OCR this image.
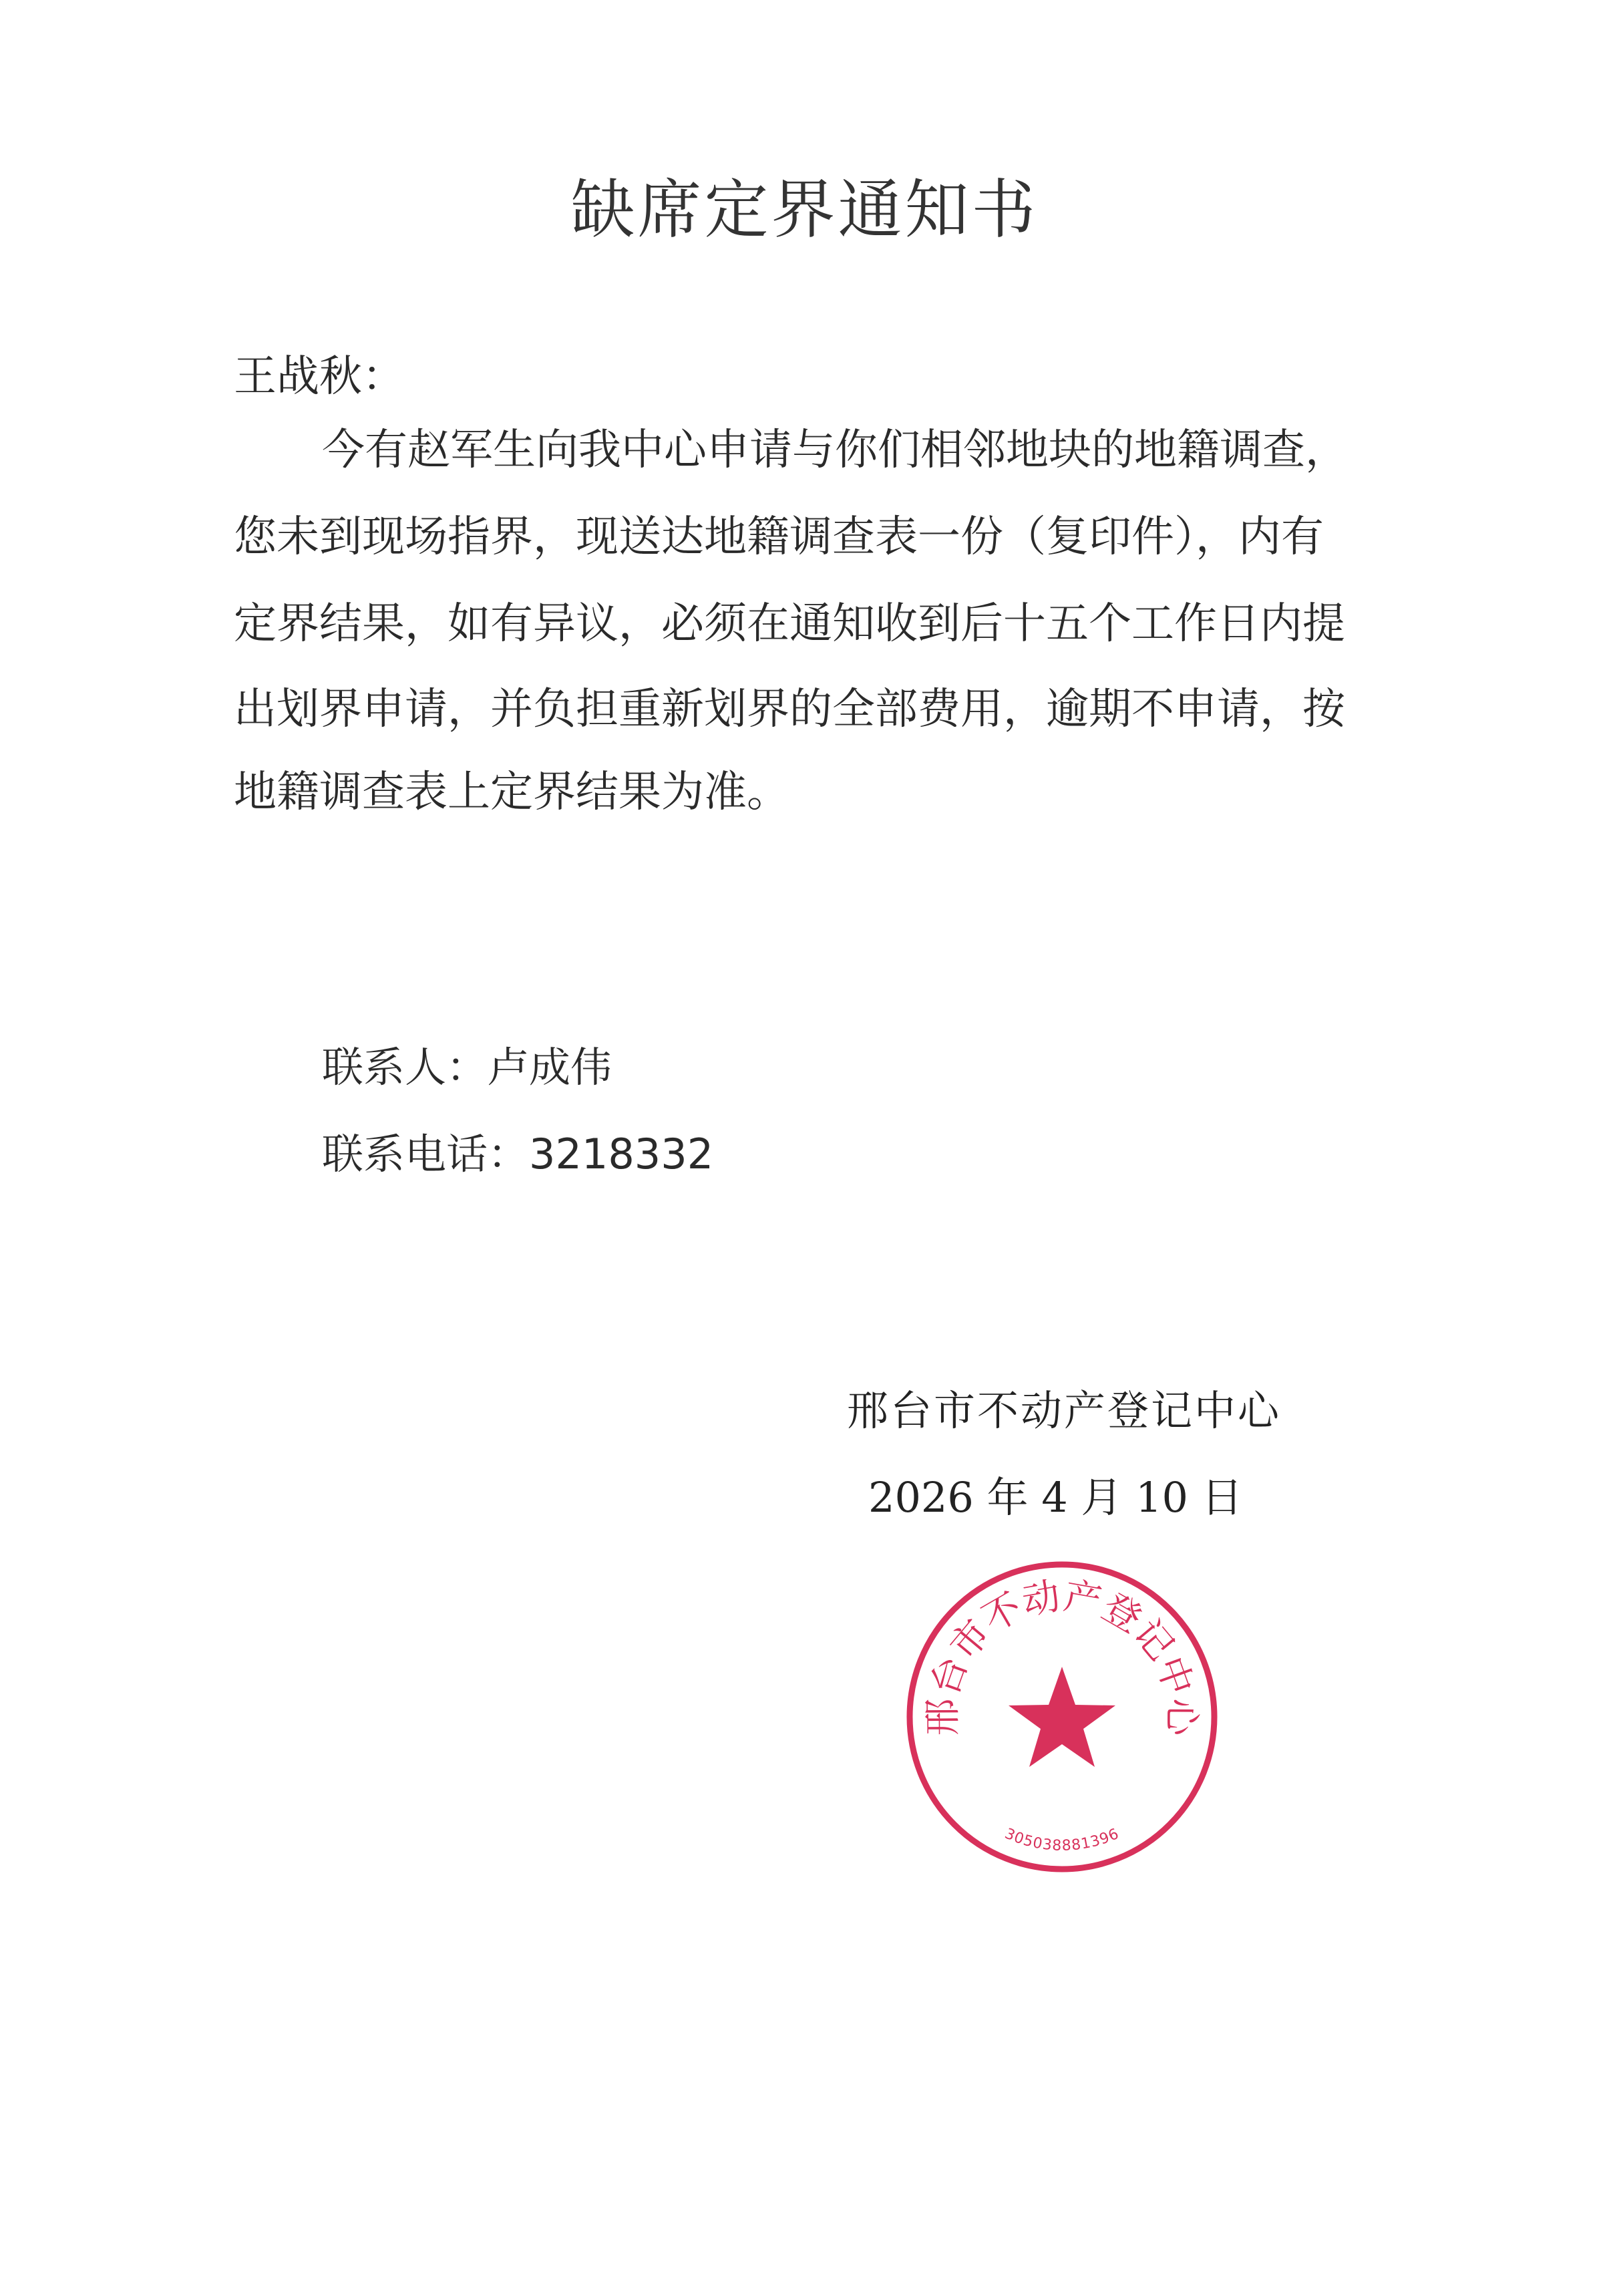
缺席定界通知书
王战秋：
今有赵军生向我中心申请与你们相邻地块的地籍调查，
您未到现场指界，现送达地籍调查表一份（复印件），内有
定界结果，如有异议，必须在通知收到后十五个工作日内提
出划界申请，并负担重新划界的全部费用，逾期不申请，按
地籍调查表上定界结果为准。
联系人：卢成伟
联系电话：3218332
邢台市不动产登记中心
2026 年 4 月 10 日
邢台市不动产登记中心
305038881396
